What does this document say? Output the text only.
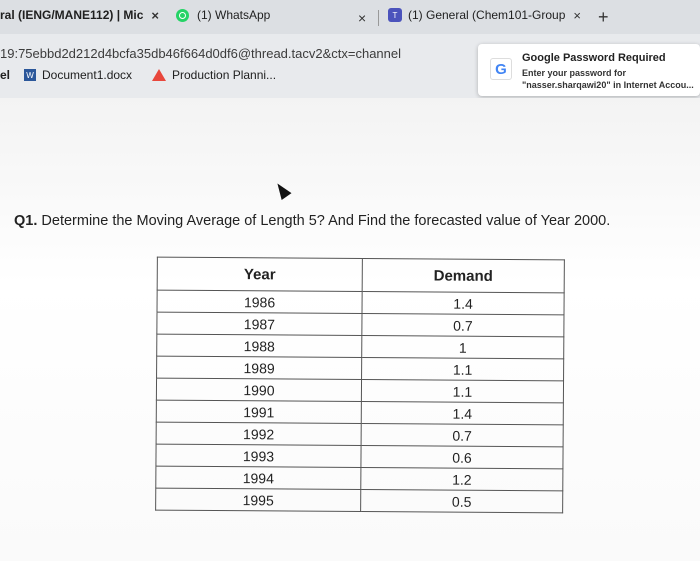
ral (IENG/MANE112) | Mic ×	(1) WhatsApp	×	T (1) General (Chem101-Group × +
19:75ebbd2d212d4bcfa35db46f664d0df6@thread.tacv2&ctx=channel
el W Document1.docx	Production Planni...	G
Google Password Required
Enter your password for "nasser.sharqawi20" in Internet Accou...
Q1. Determine the Moving Average of Length 5? And Find the forecasted value of Year 2000.
Year	Demand
1986	1.4
1987	0.7
1988	1
1989	1.1
1990	1.1
1991	1.4
1992	0.7
1993	0.6
1994	1.2
1995	0.5
